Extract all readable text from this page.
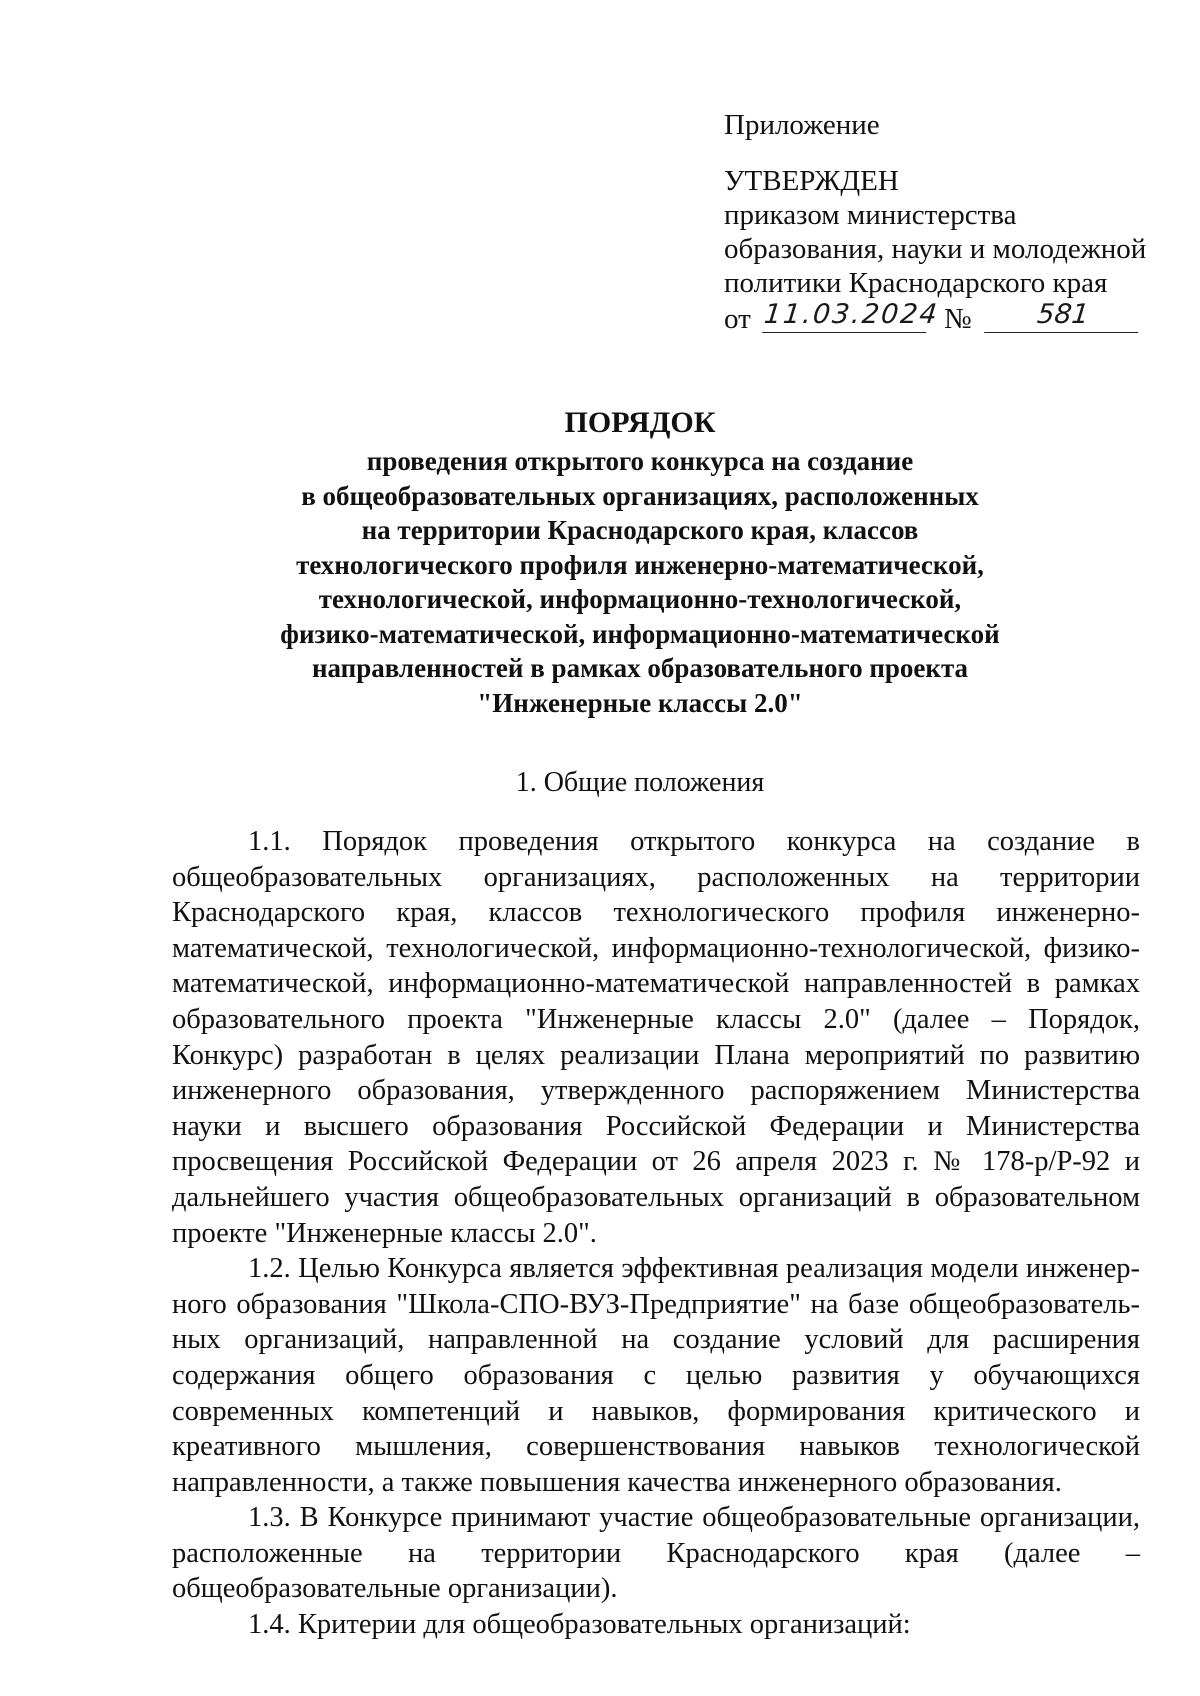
Приложение
УТВЕРЖДЕН
приказом министерства
образования, науки и молодежной
политики Краснодарского края
от 11.03.2024 №	581
ПОРЯДОК
проведения открытого конкурса на создание
в общеобразовательных организациях, расположенных
на территории Краснодарского края, классов
технологического профиля инженерно-математической,
технологической, информационно-технологической,
физико-математической, информационно-математической
направленностей в рамках образовательного проекта
"Инженерные классы 2.0"
1. Общие положения

1.1. Порядок проведения открытого конкурса на создание в общеобразовательных организациях, расположенных на территории Краснодарского края, классов технологического профиля инженерно-математической, технологической, информационно-технологической, физико-математической, информационно-математической направленностей в рамках образовательного проекта "Инженерные классы 2.0" (далее – Порядок, Конкурс) разработан в целях реализации Плана мероприятий по развитию инженерного образования, утвержденного распоряжением Министерства науки и высшего образования Российской Федерации и Министерства просвещения Российской Федерации от 26 апреля 2023 г. № 178-р/Р-92 и дальнейшего участия общеобразовательных организаций в образовательном проекте "Инженерные классы 2.0".

1.2. Целью Конкурса является эффективная реализация модели инженерного образования "Школа-СПО-ВУЗ-Предприятие" на базе общеобразовательных организаций, направленной на создание условий для расширения содержания общего образования с целью развития у обучающихся современных компетенций и навыков, формирования критического и креативного мышления, совершенствования навыков технологической направленности, а также повышения качества инженерного образования.

1.3. В Конкурсе принимают участие общеобразовательные организации, расположенные на территории Краснодарского края (далее – общеобразовательные организации).

1.4. Критерии для общеобразовательных организаций:
